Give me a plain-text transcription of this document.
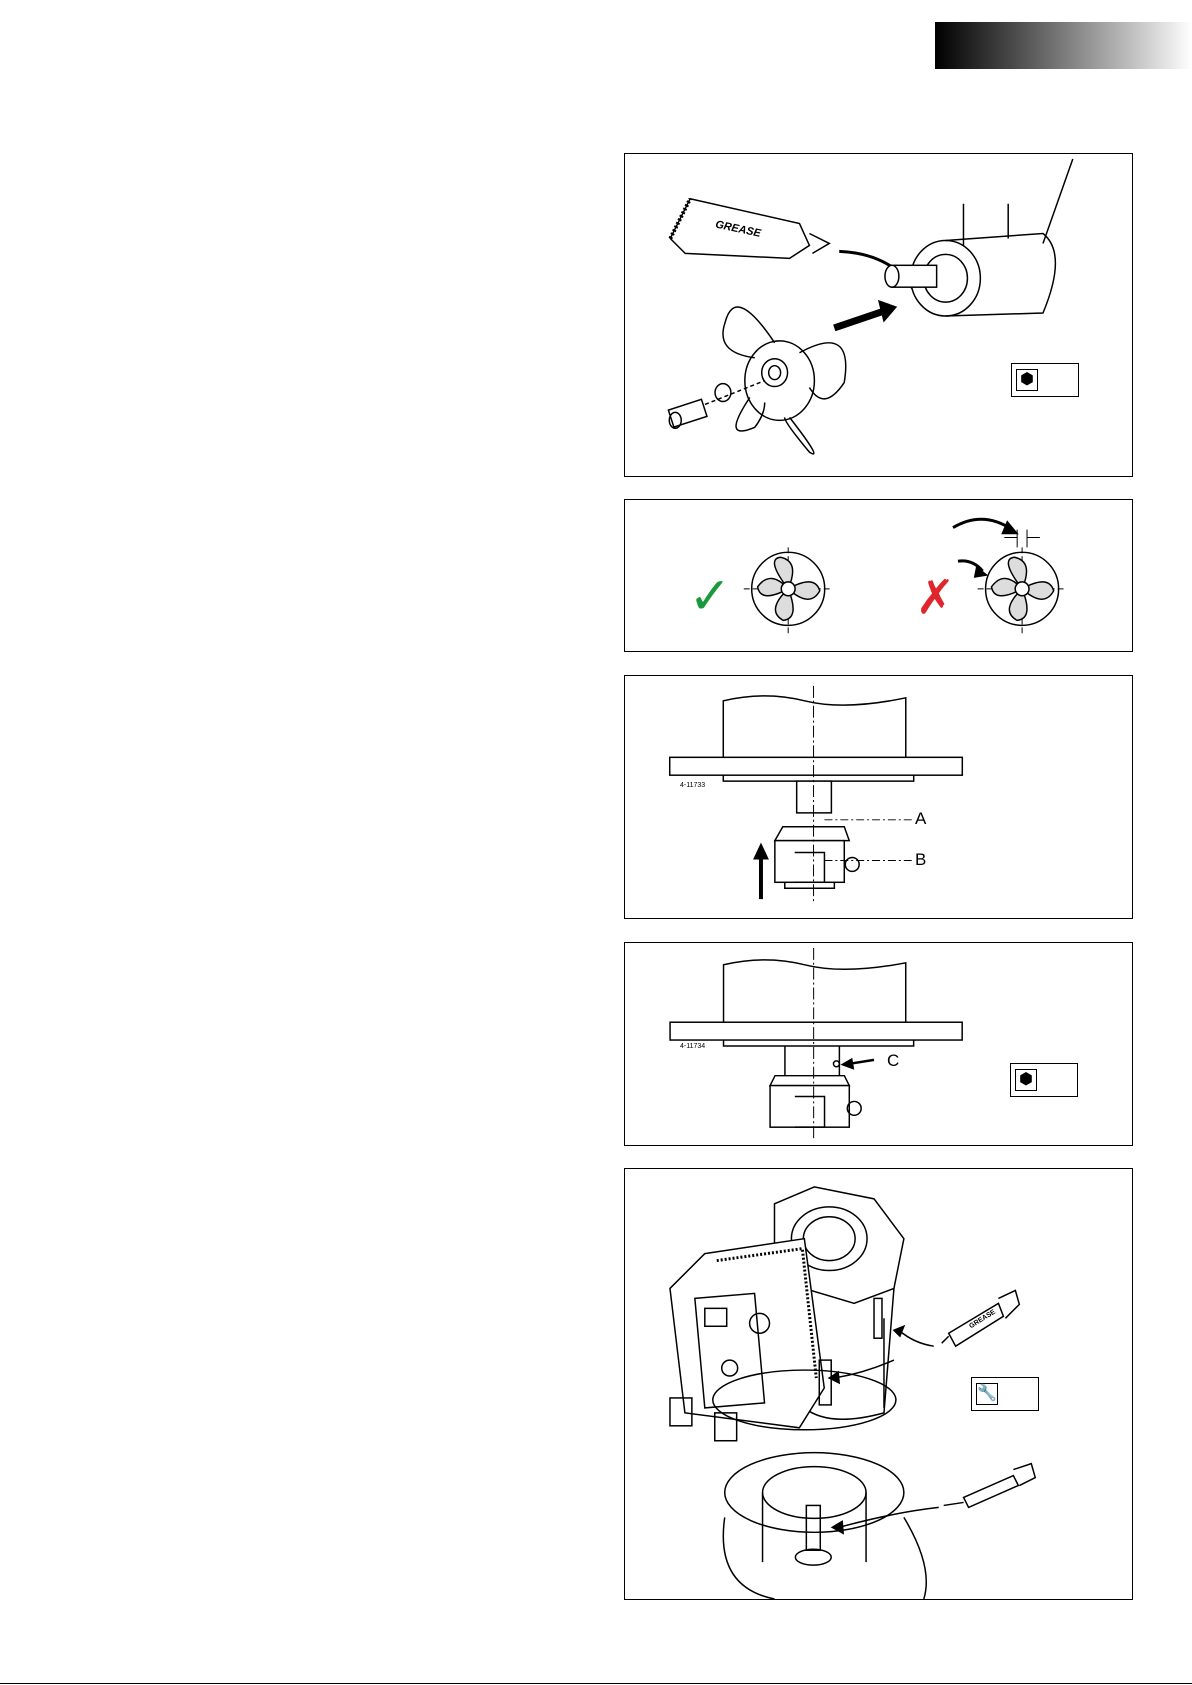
GREASE
⬢
✓	✗
4-11733
A
B
4-11734
C
⬢
GREASE
🔧
